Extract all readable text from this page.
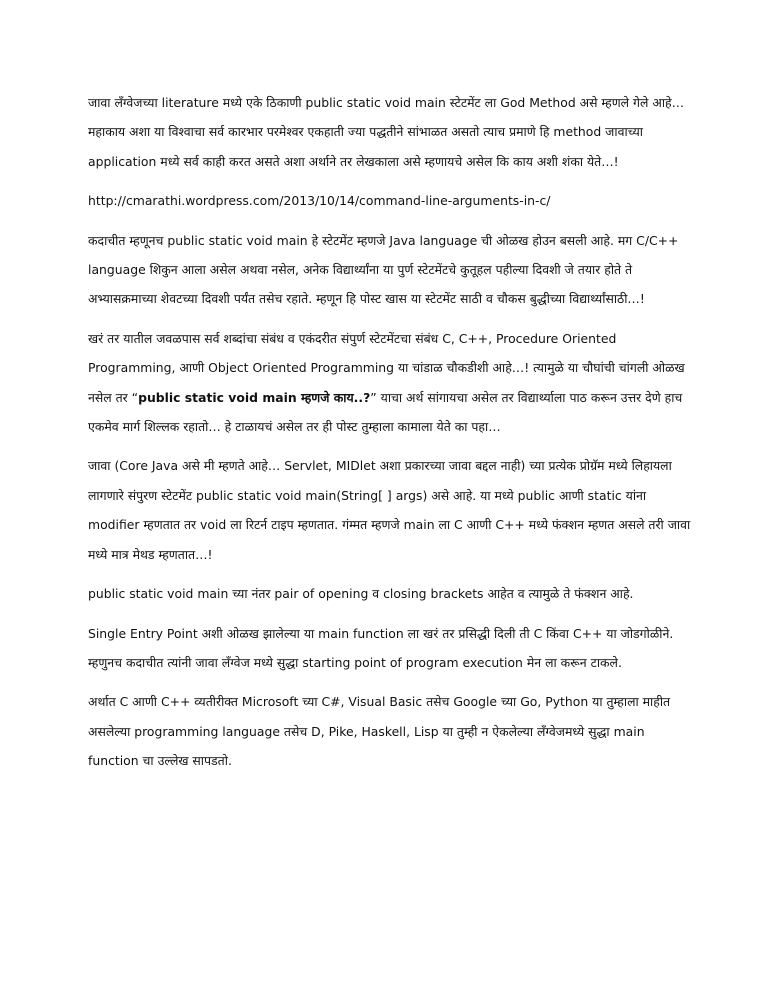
जावा लॅंग्वेजच्या literature मध्ये एके ठिकाणी public static void main स्टेटमेंट ला God Method असे म्हणले गेले आहे… महाकाय अशा या विश्वाचा सर्व कारभार परमेश्वर एकहाती ज्या पद्धतीने सांभाळत असतो त्याच प्रमाणे हि method जावाच्या application मध्ये सर्व काही करत असते अशा अर्थाने तर लेखकाला असे म्हणायचे असेल कि काय अशी शंका येते…!

http://cmarathi.wordpress.com/2013/10/14/command-line-arguments-in-c/

कदाचीत म्हणूनच public static void main हे स्टेटमेंट म्हणजे Java language ची ओळख होउन बसली आहे. मग C/C++ language शिकुन आला असेल अथवा नसेल, अनेक विद्यार्थ्यांना या पुर्ण स्टेटमेंटचे कुतूहल पहील्या दिवशी जे तयार होते ते अभ्यासक्रमाच्या शेवटच्या दिवशी पर्यंत तसेच रहाते. म्हणून हि पोस्ट खास या स्टेटमेंट साठी व चौकस बुद्धीच्या विद्यार्थ्यांसाठी…!

खरं तर यातील जवळपास सर्व शब्दांचा संबंध व एकंदरीत संपुर्ण स्टेटमेंटचा संबंध C, C++, Procedure Oriented Programming, आणी Object Oriented Programming या चांडाळ चौकडीशी आहे…! त्यामुळे या चौघांची चांगली ओळख नसेल तर “public static void main म्हणजे काय..?” याचा अर्थ सांगायचा असेल तर विद्यार्थ्याला पाठ करून उत्तर देणे हाच एकमेव मार्ग शिल्लक रहातो… हे टाळायचं असेल तर ही पोस्ट तुम्हाला कामाला येते का पहा…

जावा (Core Java असे मी म्हणते आहे… Servlet, MIDlet अशा प्रकारच्या जावा बद्दल नाही) च्या प्रत्येक प्रोग्रॅम मध्ये लिहायला लागणारे संपुरण स्टेटमेंट public static void main(String[ ] args) असे आहे. या मध्ये public आणी static यांना modifier म्हणतात तर void ला रिटर्न टाइप म्हणतात. गंम्मत म्हणजे main ला C आणी C++ मध्ये फंक्शन म्हणत असले तरी जावा मध्ये मात्र मेथड म्हणतात…!

public static void main च्या नंतर pair of opening व closing brackets आहेत व त्यामुळे ते फंक्शन आहे.

Single Entry Point अशी ओळख झालेल्या या main function ला खरं तर प्रसिद्धी दिली ती C किंवा C++ या जोडगोळीने. म्हणुनच कदाचीत त्यांनी जावा लॅंग्वेज मध्ये सुद्धा starting point of program execution मेन ला करून टाकले.

अर्थात C आणी C++ व्यतीरीक्त Microsoft च्या C#, Visual Basic तसेच Google च्या Go, Python या तुम्हाला माहीत असलेल्या programming language तसेच D, Pike, Haskell, Lisp या तुम्ही न ऐकलेल्या लॅंग्वेजमध्ये सुद्धा main function चा उल्लेख सापडतो.
